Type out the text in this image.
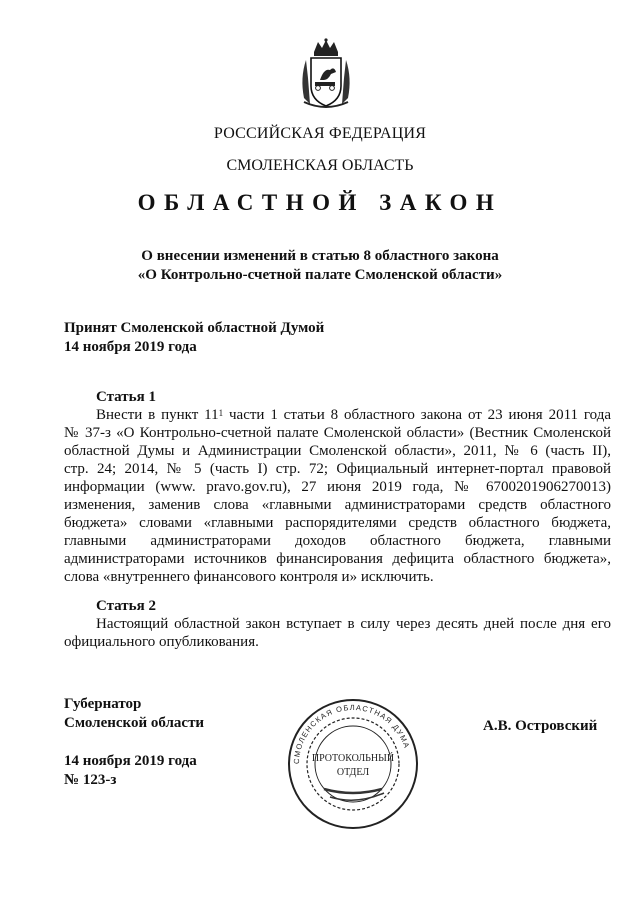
РОССИЙСКАЯ ФЕДЕРАЦИЯ
СМОЛЕНСКАЯ ОБЛАСТЬ
ОБЛАСТНОЙ ЗАКОН
О внесении изменений в статью 8 областного закона
«О Контрольно-счетной палате Смоленской области»
Принят Смоленской областной Думой
14 ноября 2019 года
Статья 1
Внести в пункт $11^1$ части 1 статьи 8 областного закона от 23 июня 2011 года
№ 37-з «О Контрольно-счетной палате Смоленской области» (Вестник Смоленской
областной Думы и Администрации Смоленской области», 2011, № 6 (часть II),
стр. 24; 2014, № 5 (часть I) стр. 72; Официальный интернет-портал правовой
информации (www. pravo.gov.ru), 27 июня 2019 года, № 6700201906270013)
изменения, заменив слова «главными администраторами средств областного
бюджета» словами «главными распорядителями средств областного бюджета,
главными администраторами доходов областного бюджета, главными
администраторами источников финансирования дефицита областного бюджета»,
слова «внутреннего финансового контроля и» исключить.
Статья 2
Настоящий областной закон вступает в силу через десять дней после дня его
официального опубликования.
Губернатор
Смоленской области
14 ноября 2019 года
№ 123-з
А.В. Островский
СМОЛЕНСКАЯ ОБЛАСТНАЯ ДУМА
ПРОТОКОЛЬНЫЙ
ОТДЕЛ
